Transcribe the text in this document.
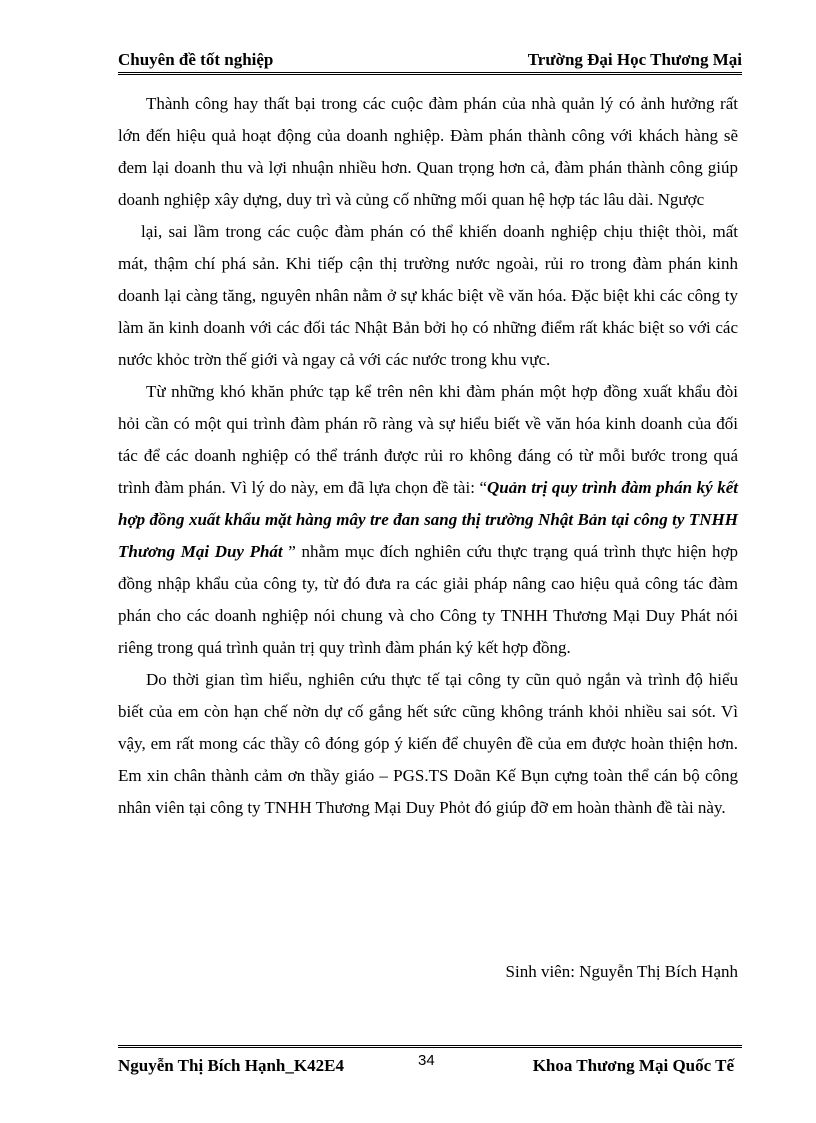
Chuyên đề tốt nghiệp	Trường Đại Học Thương Mại

Thành công hay thất bại trong các cuộc đàm phán của nhà quản lý có ảnh hưởng rất lớn đến hiệu quả hoạt động của doanh nghiệp. Đàm phán thành công với khách hàng sẽ đem lại doanh thu và lợi nhuận nhiều hơn. Quan trọng hơn cả, đàm phán thành công giúp doanh nghiệp xây dựng, duy trì và củng cố những mối quan hệ hợp tác lâu dài. Ngược

lại, sai lầm trong các cuộc đàm phán có thể khiến doanh nghiệp chịu thiệt thòi, mất mát, thậm chí phá sản. Khi tiếp cận thị trường nước ngoài, rủi ro trong đàm phán kinh doanh lại càng tăng, nguyên nhân nằm ở sự khác biệt về văn hóa. Đặc biệt khi các công ty làm ăn kinh doanh với các đối tác Nhật Bản bởi họ có những điểm rất khác biệt so với các nước khỏc trờn thế giới và ngay cả với các nước trong khu vực.

Từ những khó khăn phức tạp kể trên nên khi đàm phán một hợp đồng xuất khẩu đòi hỏi cần có một qui trình đàm phán rõ ràng và sự hiểu biết về văn hóa kinh doanh của đối tác để các doanh nghiệp có thể tránh được rủi ro không đáng có từ mỗi bước trong quá trình đàm phán. Vì lý do này, em đã lựa chọn đề tài: “Quản trị quy trình đàm phán ký kết hợp đồng xuất khẩu mặt hàng mây tre đan sang thị trường Nhật Bản tại công ty TNHH Thương Mại Duy Phát ” nhằm mục đích nghiên cứu thực trạng quá trình thực hiện hợp đồng nhập khẩu của công ty, từ đó đưa ra các giải pháp nâng cao hiệu quả công tác đàm phán cho các doanh nghiệp nói chung và cho Công ty TNHH Thương Mại Duy Phát nói riêng trong quá trình quản trị quy trình đàm phán ký kết hợp đồng.

Do thời gian tìm hiểu, nghiên cứu thực tế tại công ty cũn quỏ ngắn và trình độ hiểu biết của em còn hạn chế nờn dự cố gắng hết sức cũng không tránh khỏi nhiều sai sót. Vì vậy, em rất mong các thầy cô đóng góp ý kiến để chuyên đề của em được hoàn thiện hơn. Em xin chân thành cảm ơn thầy giáo – PGS.TS Doãn Kế Bụn cựng toàn thể cán bộ công nhân viên tại công ty TNHH Thương Mại Duy Phỏt đó giúp đỡ em hoàn thành đề tài này.

Sinh viên: Nguyễn Thị Bích Hạnh
Nguyễn Thị Bích Hạnh_K42E4	34	Khoa Thương Mại Quốc Tế
